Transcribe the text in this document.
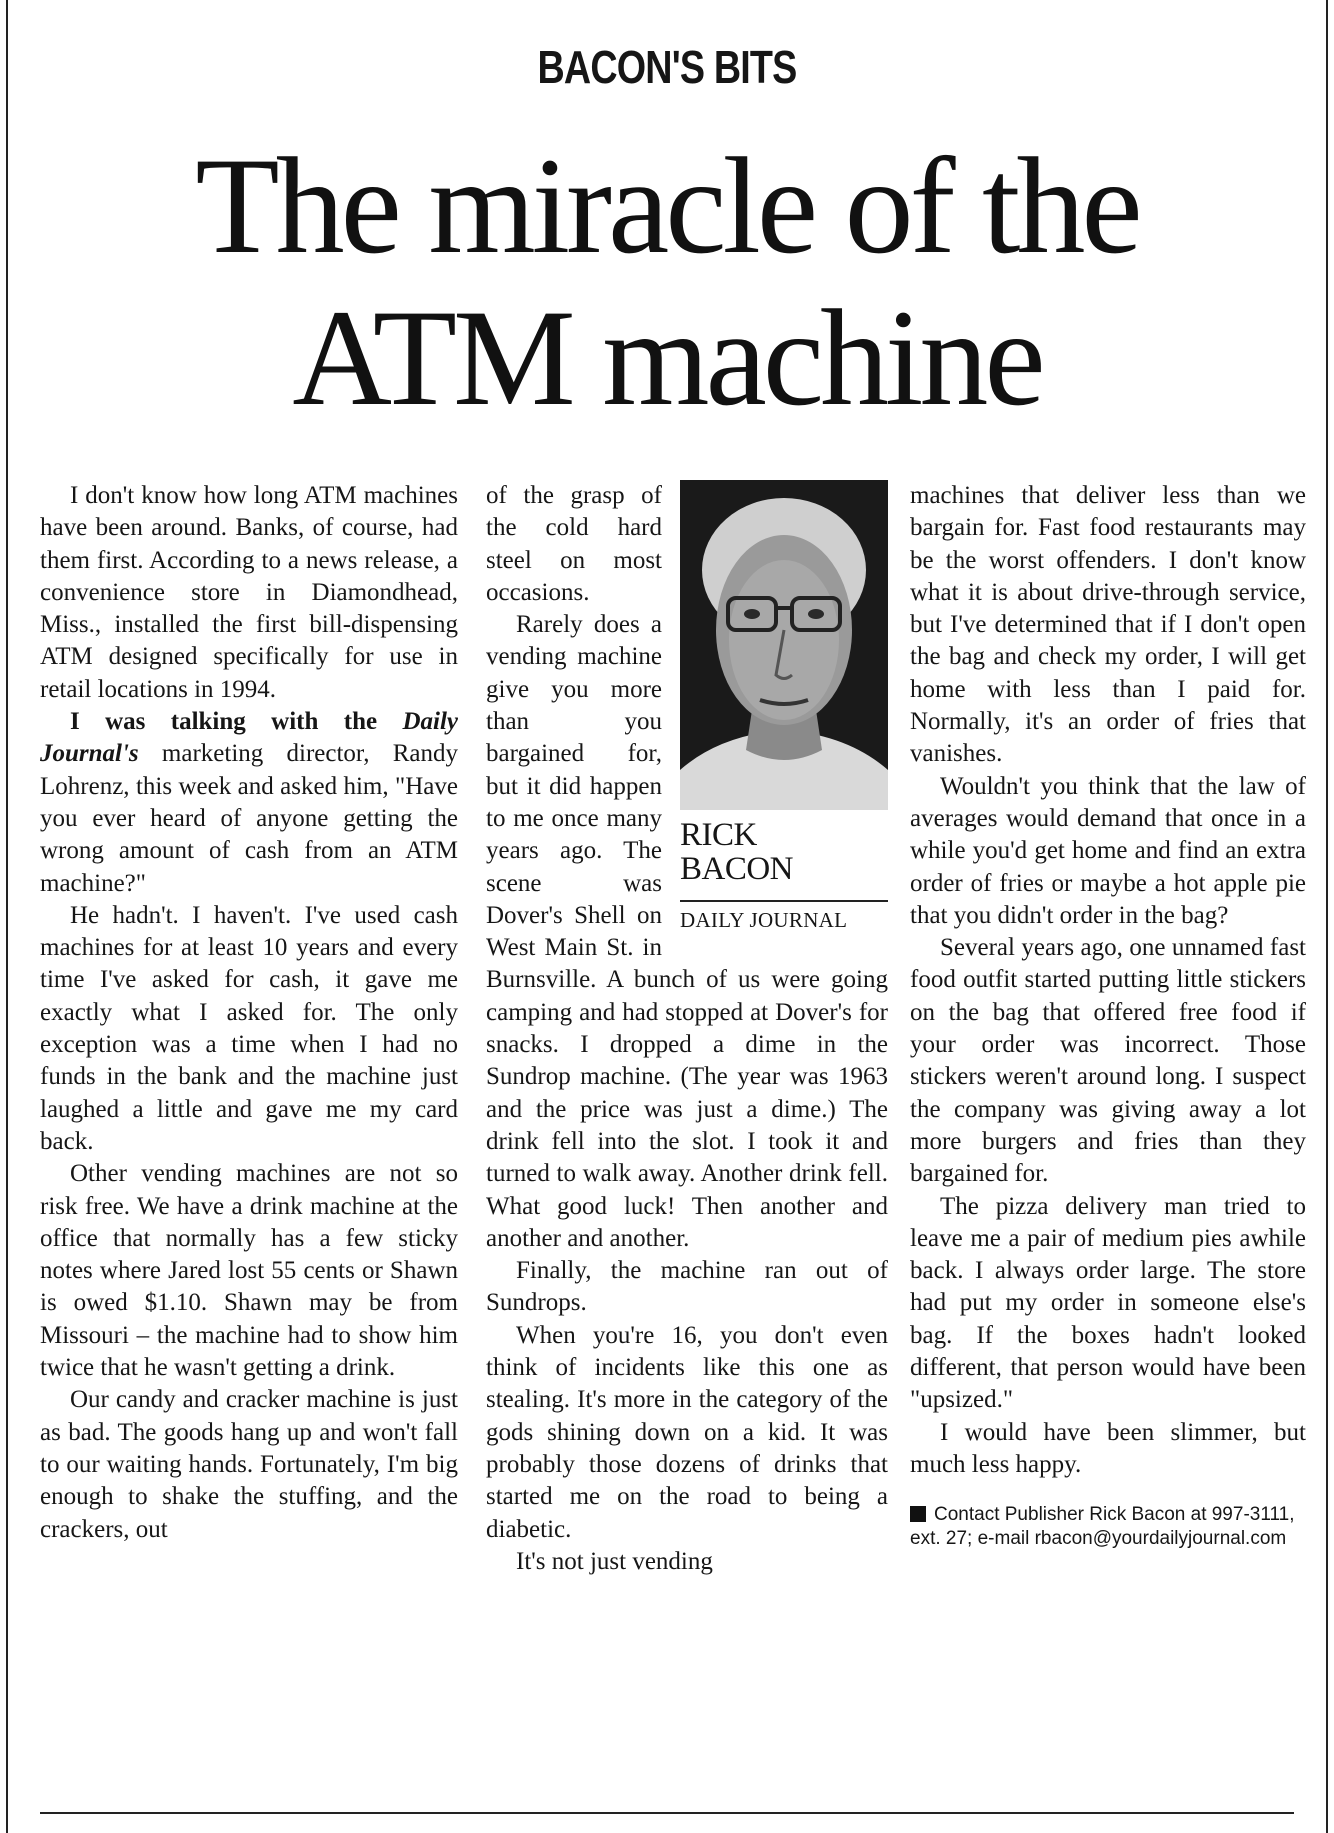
BACON'S BITS
The miracle of the
ATM machine

I don't know how long ATM machines have been around. Banks, of course, had them first. According to a news release, a convenience store in Diamondhead, Miss., installed the first bill-dispensing ATM designed specifically for use in retail locations in 1994.

I was talking with the Daily Journal's marketing director, Randy Lohrenz, this week and asked him, "Have you ever heard of anyone getting the wrong amount of cash from an ATM machine?"

He hadn't. I haven't. I've used cash machines for at least 10 years and every time I've asked for cash, it gave me exactly what I asked for. The only exception was a time when I had no funds in the bank and the machine just laughed a little and gave me my card back.

Other vending machines are not so risk free. We have a drink machine at the office that normally has a few sticky notes where Jared lost 55 cents or Shawn is owed $1.10. Shawn may be from Missouri – the machine had to show him twice that he wasn't getting a drink.

Our candy and cracker machine is just as bad. The goods hang up and won't fall to our waiting hands. Fortunately, I'm big enough to shake the stuffing, and the crackers, out

RICK
BACON
DAILY JOURNAL

of the grasp of the cold hard steel on most occasions.

Rarely does a vending machine give you more than you bargained for, but it did happen to me once many years ago. The scene was Dover's Shell on West Main St. in Burnsville. A bunch of us were going camping and had stopped at Dover's for snacks. I dropped a dime in the Sundrop machine. (The year was 1963 and the price was just a dime.) The drink fell into the slot. I took it and turned to walk away. Another drink fell. What good luck! Then another and another and another.

Finally, the machine ran out of Sundrops.

When you're 16, you don't even think of incidents like this one as stealing. It's more in the category of the gods shining down on a kid. It was probably those dozens of drinks that started me on the road to being a diabetic.

It's not just vending

machines that deliver less than we bargain for. Fast food restaurants may be the worst offenders. I don't know what it is about drive-through service, but I've determined that if I don't open the bag and check my order, I will get home with less than I paid for. Normally, it's an order of fries that vanishes.

Wouldn't you think that the law of averages would demand that once in a while you'd get home and find an extra order of fries or maybe a hot apple pie that you didn't order in the bag?

Several years ago, one unnamed fast food outfit started putting little stickers on the bag that offered free food if your order was incorrect. Those stickers weren't around long. I suspect the company was giving away a lot more burgers and fries than they bargained for.

The pizza delivery man tried to leave me a pair of medium pies awhile back. I always order large. The store had put my order in someone else's bag. If the boxes hadn't looked different, that person would have been "upsized."

I would have been slimmer, but much less happy.

Contact Publisher Rick Bacon at 997-3111, ext. 27; e-mail rbacon@yourdailyjournal.com
